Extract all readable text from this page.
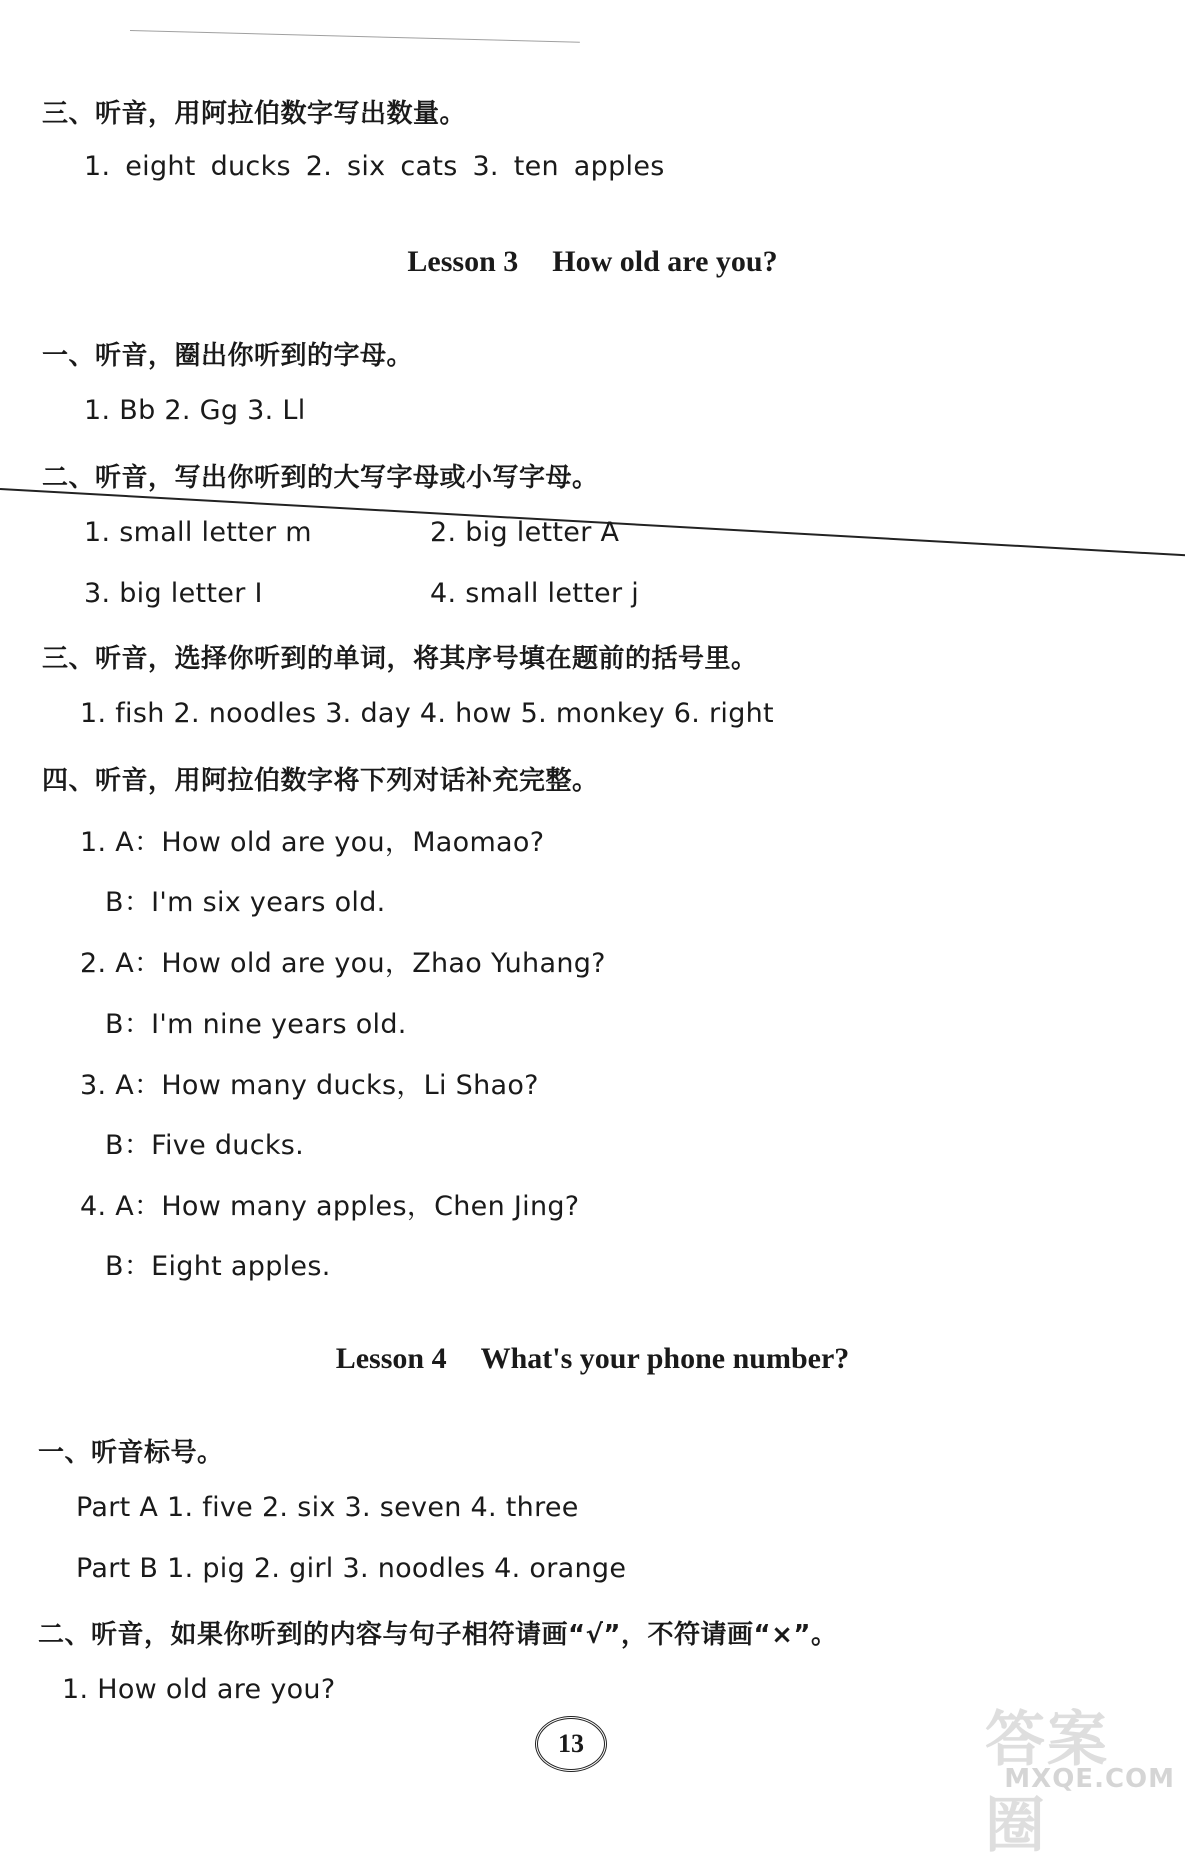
三、听音，用阿拉伯数字写出数量。
1. eight ducks 2. six cats 3. ten apples
Lesson 3 How old are you?
一、听音，圈出你听到的字母。
1. Bb 2. Gg 3. Ll
二、听音，写出你听到的大写字母或小写字母。
1. small letter m	2. big letter A
3. big letter I	4. small letter j
三、听音，选择你听到的单词，将其序号填在题前的括号里。
1. fish 2. noodles 3. day 4. how 5. monkey 6. right
四、听音，用阿拉伯数字将下列对话补充完整。
1. A：How old are you，Maomao?
B：I'm six years old.
2. A：How old are you，Zhao Yuhang?
B：I'm nine years old.
3. A：How many ducks，Li Shao?
B：Five ducks.
4. A：How many apples，Chen Jing?
B：Eight apples.
Lesson 4 What's your phone number?
一、听音标号。
Part A 1. five 2. six 3. seven 4. three
Part B 1. pig 2. girl 3. noodles 4. orange
二、听音，如果你听到的内容与句子相符请画“√”，不符请画“×”。
1. How old are you?
13	答案圈
MXQE.COM
